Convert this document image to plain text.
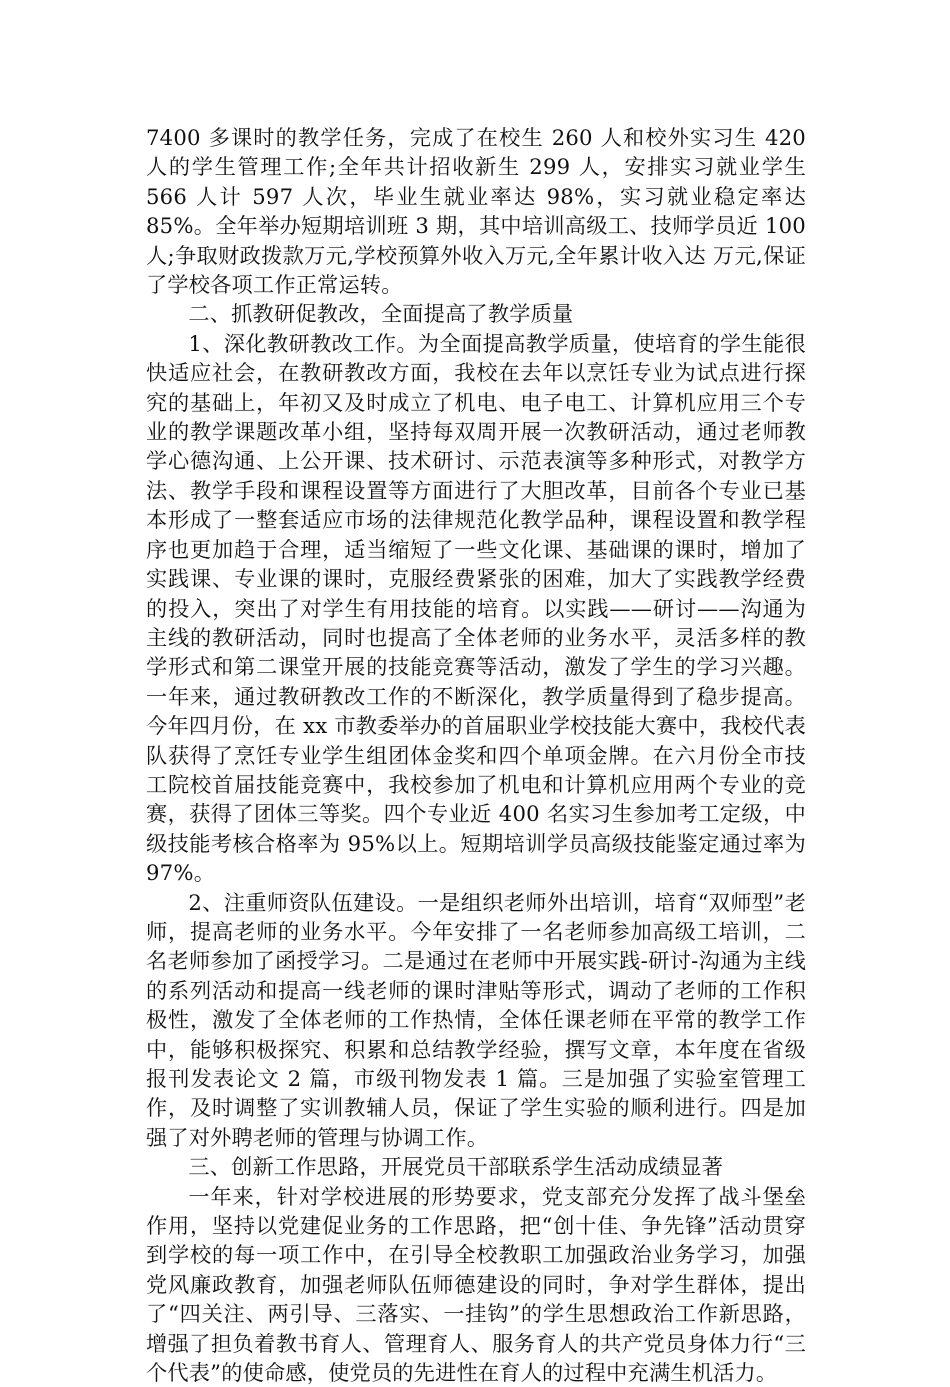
7400 多课时的教学任务，完成了在校生 260 人和校外实习生 420 人的学生管理工作;全年共计招收新生 299 人，安排实习就业学生 566 人计 597 人次，毕业生就业率达 98%，实习就业稳定率达 85%。全年举办短期培训班 3 期，其中培训高级工、技师学员近 100 人;争取财政拨款万元,学校预算外收入万元,全年累计收入达 万元,保证了学校各项工作正常运转。

二、抓教研促教改，全面提高了教学质量

1、深化教研教改工作。为全面提高教学质量，使培育的学生能很快适应社会，在教研教改方面，我校在去年以烹饪专业为试点进行探究的基础上，年初又及时成立了机电、电子电工、计算机应用三个专业的教学课题改革小组，坚持每双周开展一次教研活动，通过老师教学心德沟通、上公开课、技术研讨、示范表演等多种形式，对教学方法、教学手段和课程设置等方面进行了大胆改革，目前各个专业已基本形成了一整套适应市场的法律规范化教学品种，课程设置和教学程序也更加趋于合理，适当缩短了一些文化课、基础课的课时，增加了实践课、专业课的课时，克服经费紧张的困难，加大了实践教学经费的投入，突出了对学生有用技能的培育。以实践——研讨——沟通为主线的教研活动，同时也提高了全体老师的业务水平，灵活多样的教学形式和第二课堂开展的技能竞赛等活动，激发了学生的学习兴趣。一年来，通过教研教改工作的不断深化，教学质量得到了稳步提高。今年四月份，在 xx 市教委举办的首届职业学校技能大赛中，我校代表队获得了烹饪专业学生组团体金奖和四个单项金牌。在六月份全市技工院校首届技能竞赛中，我校参加了机电和计算机应用两个专业的竞赛，获得了团体三等奖。四个专业近 400 名实习生参加考工定级，中级技能考核合格率为 95%以上。短期培训学员高级技能鉴定通过率为 97%。

2、注重师资队伍建设。一是组织老师外出培训，培育“双师型”老师，提高老师的业务水平。今年安排了一名老师参加高级工培训，二名老师参加了函授学习。二是通过在老师中开展实践-研讨-沟通为主线的系列活动和提高一线老师的课时津贴等形式，调动了老师的工作积极性，激发了全体老师的工作热情，全体任课老师在平常的教学工作中，能够积极探究、积累和总结教学经验，撰写文章，本年度在省级报刊发表论文 2 篇，市级刊物发表 1 篇。三是加强了实验室管理工作，及时调整了实训教辅人员，保证了学生实验的顺利进行。四是加强了对外聘老师的管理与协调工作。

三、创新工作思路，开展党员干部联系学生活动成绩显著

一年来，针对学校进展的形势要求，党支部充分发挥了战斗堡垒作用，坚持以党建促业务的工作思路，把“创十佳、争先锋”活动贯穿到学校的每一项工作中，在引导全校教职工加强政治业务学习，加强党风廉政教育，加强老师队伍师德建设的同时，争对学生群体，提出了“四关注、两引导、三落实、一挂钩”的学生思想政治工作新思路，增强了担负着教书育人、管理育人、服务育人的共产党员身体力行“三个代表”的使命感，使党员的先进性在育人的过程中充满生机活力。
